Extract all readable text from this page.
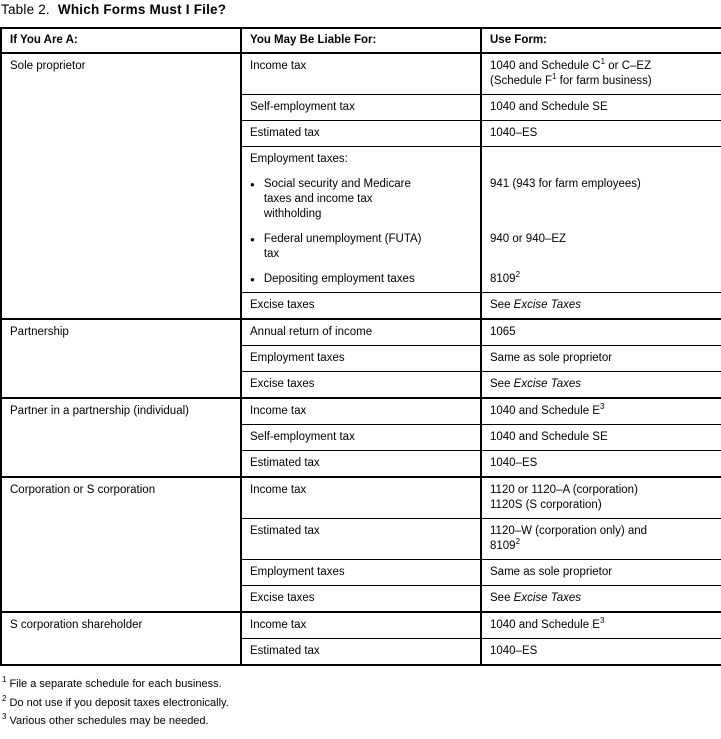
Table 2. Which Forms Must I File?
If You Are A:	You May Be Liable For:	Use Form:
Sole proprietor	Income tax	1040 and Schedule $C^1$ or C–EZ
(Schedule $F^1$ for farm business)
	Self-employment tax	1040 and Schedule SE
	Estimated tax	1040–ES
	Employment taxes:	

	● Social security and Medicare
taxes and income tax
withholding	941 (943 for farm employees)

	● Federal unemployment (FUTA)
tax	940 or 940–EZ

	● Depositing employment taxes	8109$^2$
	Excise taxes	See Excise Taxes
Partnership	Annual return of income	1065
	Employment taxes	Same as sole proprietor
	Excise taxes	See Excise Taxes
Partner in a partnership (individual)	Income tax	1040 and Schedule $E^3$
	Self-employment tax	1040 and Schedule SE
	Estimated tax	1040–ES
Corporation or S corporation	Income tax	1120 or 1120–A (corporation)
1120S (S corporation)
	Estimated tax	1120–W (corporation only) and
8109$^2$
	Employment taxes	Same as sole proprietor
	Excise taxes	See Excise Taxes
S corporation shareholder	Income tax	1040 and Schedule $E^3$
	Estimated tax	1040–ES
$^1$ File a separate schedule for each business.
$^2$ Do not use if you deposit taxes electronically.
$^3$ Various other schedules may be needed.
